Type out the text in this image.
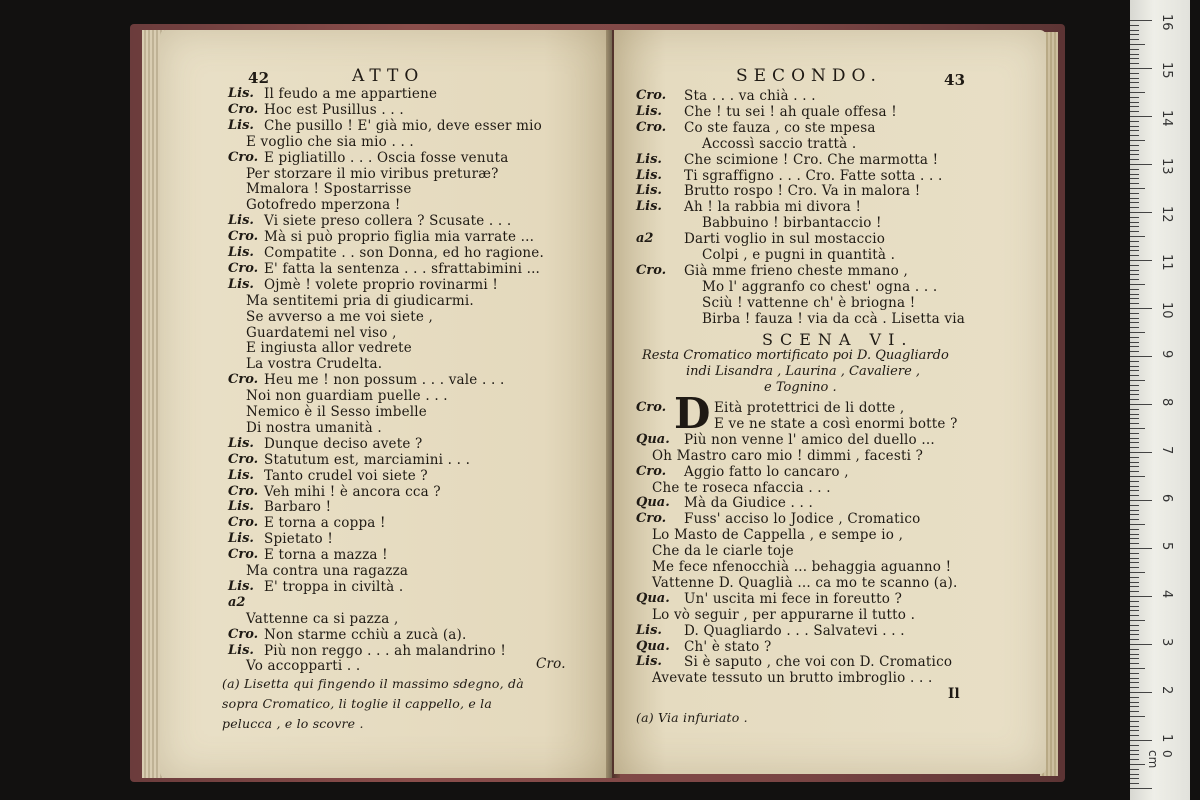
42	ATTO
Lis. Il feudo a me appartiene
Cro. Hoc est Pusillus . . .
Lis. Che pusillo ! E' già mio, deve esser mio
E voglio che sia mio . . .
Cro. E pigliatillo . . . Oscia fosse venuta
Per storzare il mio viribus preturæ?
Mmalora ! Spostarrisse
Gotofredo mperzona !
Lis. Vi siete preso collera ? Scusate . . .
Cro. Mà si può proprio figlia mia varrate ...
Lis. Compatite . . son Donna, ed ho ragione.
Cro. E' fatta la sentenza . . . sfrattabimini ...
Lis. Ojmè ! volete proprio rovinarmi !
Ma sentitemi pria di giudicarmi.
Se avverso a me voi siete ,
Guardatemi nel viso ,
E ingiusta allor vedrete
La vostra Crudelta.
Cro. Heu me ! non possum . . . vale . . .
Noi non guardiam puelle . . .
Nemico è il Sesso imbelle
Di nostra umanità .
Lis. Dunque deciso avete ?
Cro. Statutum est, marciamini . . .
Lis. Tanto crudel voi siete ?
Cro. Veh mihi ! è ancora cca ?
Lis. Barbaro !
Cro. E torna a coppa !
Lis. Spietato !
Cro. E torna a mazza !
Ma contra una ragazza
Lis. E' troppa in civiltà .
a2
Vattenne ca si pazza ,
Cro. Non starme cchiù a zucà (a).
Lis. Più non reggo . . . ah malandrino !
Vo accopparti . .	Cro.
(a) Lisetta qui fingendo il massimo sdegno, dà
sopra Cromatico, li toglie il cappello, e la
pelucca , e lo scovre .
SECONDO.	43
Cro. Sta . . . va chià . . .
Lis. Che ! tu sei ! ah quale offesa !
Cro. Co ste fauza , co ste mpesa
Accossì saccio trattà .
Lis. Che scimione ! Cro. Che marmotta !
Lis. Ti sgraffigno . . . Cro. Fatte sotta . . .
Lis. Brutto rospo ! Cro. Va in malora !
Lis. Ah ! la rabbia mi divora !
Babbuino ! birbantaccio !
a2 Darti voglio in sul mostaccio
Colpi , e pugni in quantità .
Cro. Già mme frieno cheste mmano ,
Mo l' aggranfo co chest' ogna . . .
Sciù ! vattenne ch' è briogna !
Birba ! fauza ! via da ccà . Lisetta via
SCENA VI.
Resta Cromatico mortificato poi D. Quagliardo
indi Lisandra , Laurina , Cavaliere ,
e Tognino .
D
Cro.	Eità protettrici de li dotte ,
E ve ne state a così enormi botte ?
Qua. Più non venne l' amico del duello ...
Oh Mastro caro mio ! dimmi , facesti ?
Cro. Aggio fatto lo cancaro ,
Che te roseca nfaccia . . .
Qua. Mà da Giudice . . .
Cro. Fuss' acciso lo Jodice , Cromatico
Lo Masto de Cappella , e sempe io ,
Che da le ciarle toje
Me fece nfenocchià ... behaggia aguanno !
Vattenne D. Quaglià ... ca mo te scanno (a).
Qua. Un' uscita mi fece in foreutto ?
Lo vò seguir , per appurarne il tutto .
Lis. D. Quagliardo . . . Salvatevi . . .
Qua. Ch' è stato ?
Lis. Si è saputo , che voi con D. Cromatico
Avevate tessuto un brutto imbroglio . . .
Il
(a) Via infuriato .
16
15
14
13
12
11
10
9
8
7
6
5
4
3
2
1
0 cm
